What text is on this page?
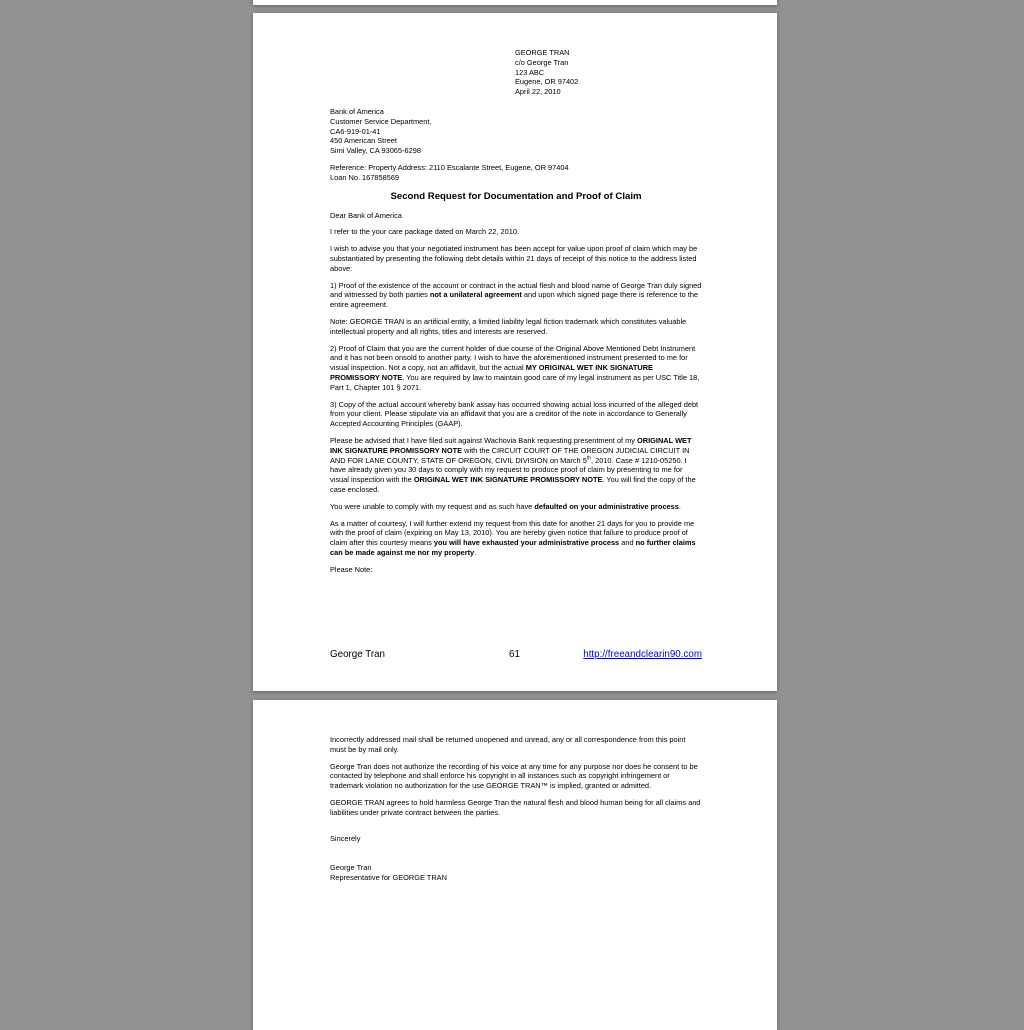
GEORGE TRAN
c/o George Tran
123 ABC
Eugene, OR 97402
April 22, 2010
Bank of America
Customer Service Department,
CA6-919-01-41
450 American Street
Simi Valley, CA 93065-6298
Reference: Property Address: 2110 Escalante Street, Eugene, OR 97404
Loan No. 167858569
Second Request for Documentation and Proof of Claim
Dear Bank of America
I refer to the your care package dated on March 22, 2010.
I wish to advise you that your negotiated instrument has been accept for value upon proof of claim which may be substantiated by presenting the following debt details within 21 days of receipt of this notice to the address listed above:
1) Proof of the existence of the account or contract in the actual flesh and blood name of George Tran duly signed and witnessed by both parties not a unilateral agreement and upon which signed page there is reference to the entire agreement.
Note: GEORGE TRAN is an artificial entity, a limited liability legal fiction trademark which constitutes valuable intellectual property and all rights, titles and interests are reserved.
2) Proof of Claim that you are the current holder of due course of the Original Above Mentioned Debt Instrument and it has not been onsold to another party. I wish to have the aforementioned instrument presented to me for visual inspection. Not a copy, not an affidavit, but the actual MY ORIGINAL WET INK SIGNATURE PROMISSORY NOTE. You are required by law to maintain good care of my legal instrument as per USC Title 18, Part 1, Chapter 101 § 2071.
3) Copy of the actual account whereby bank assay has occurred showing actual loss incurred of the alleged debt from your client. Please stipulate via an affidavit that you are a creditor of the note in accordance to Generally Accepted Accounting Principles (GAAP).
Please be advised that I have filed suit against Wachovia Bank requesting presentment of my ORIGINAL WET INK SIGNATURE PROMISSORY NOTE with the CIRCUIT COURT OF THE OREGON JUDICIAL CIRCUIT IN AND FOR LANE COUNTY, STATE OF OREGON, CIVIL DIVISION on March 5th, 2010. Case # 1210-05250. I have already given you 30 days to comply with my request to produce proof of claim by presenting to me for visual inspection with the ORIGINAL WET INK SIGNATURE PROMISSORY NOTE. You will find the copy of the case enclosed.
You were unable to comply with my request and as such have defaulted on your administrative process.
As a matter of courtesy, I will further extend my request from this date for another 21 days for you to provide me with the proof of claim (expiring on May 13, 2010). You are hereby given notice that failure to produce proof of claim after this courtesy means you will have exhausted your administrative process and no further claims can be made against me nor my property.
Please Note:
George Tran	61	http://freeandclearin90.com
Incorrectly addressed mail shall be returned unopened and unread, any or all correspondence from this point must be by mail only.
George Tran does not authorize the recording of his voice at any time for any purpose nor does he consent to be contacted by telephone and shall enforce his copyright in all instances such as copyright infringement or trademark violation no authorization for the use GEORGE TRAN™ is implied, granted or admitted.
GEORGE TRAN agrees to hold harmless George Tran the natural flesh and blood human being for all claims and liabilities under private contract between the parties.
Sincerely
George Tran
Representative for GEORGE TRAN
